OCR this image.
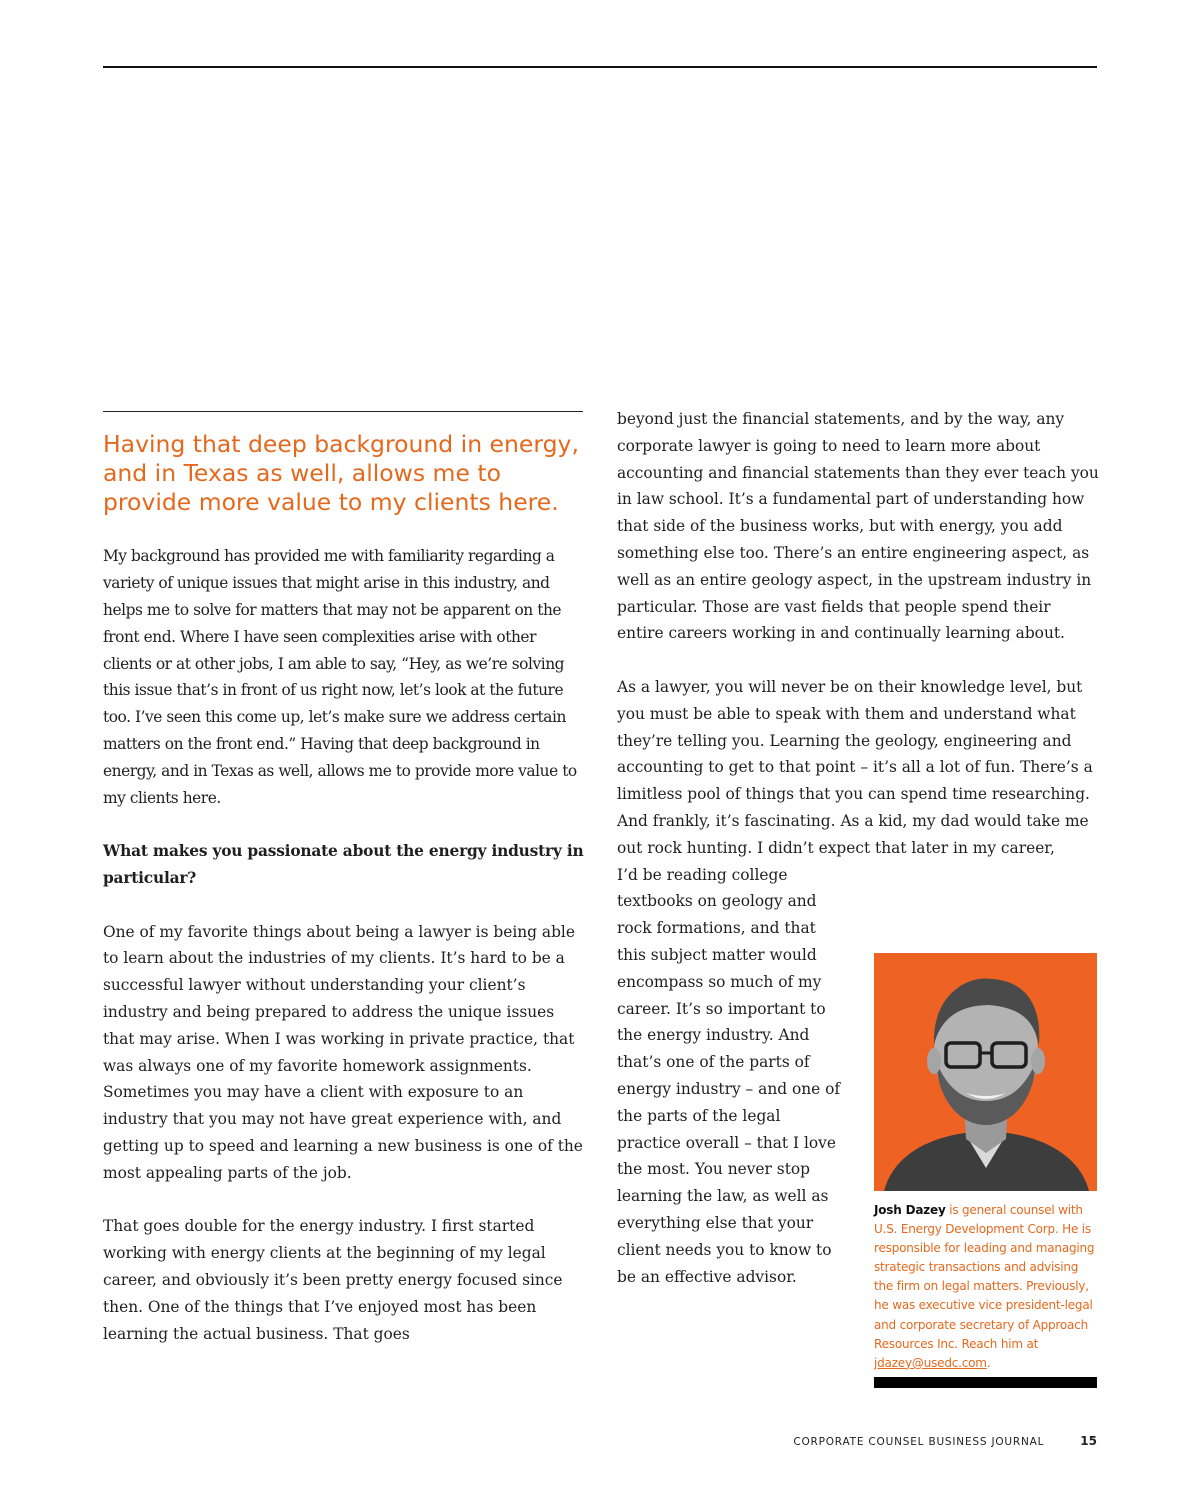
Having that deep background in energy, and in Texas as well, allows me to provide more value to my clients here.

My background has provided me with familiarity regarding a variety of unique issues that might arise in this industry, and helps me to solve for matters that may not be apparent on the front end. Where I have seen complexities arise with other clients or at other jobs, I am able to say, “Hey, as we’re solving this issue that’s in front of us right now, let’s look at the future too. I’ve seen this come up, let’s make sure we address certain matters on the front end.” Having that deep background in energy, and in Texas as well, allows me to provide more value to my clients here.

What makes you passionate about the energy industry in particular?

One of my favorite things about being a lawyer is being able to learn about the industries of my clients. It’s hard to be a successful lawyer without understanding your client’s industry and being prepared to address the unique issues that may arise. When I was working in private practice, that was always one of my favorite homework assignments. Sometimes you may have a client with exposure to an industry that you may not have great experience with, and getting up to speed and learning a new business is one of the most appealing parts of the job.

That goes double for the energy industry. I first started working with energy clients at the beginning of my legal career, and obviously it’s been pretty energy focused since then. One of the things that I’ve enjoyed most has been learning the actual business. That goes

beyond just the financial statements, and by the way, any corporate lawyer is going to need to learn more about accounting and financial statements than they ever teach you in law school. It’s a fundamental part of understanding how that side of the business works, but with energy, you add something else too. There’s an entire engineering aspect, as well as an entire geology aspect, in the upstream industry in particular. Those are vast fields that people spend their entire careers working in and continually learning about.

As a lawyer, you will never be on their knowledge level, but you must be able to speak with them and understand what they’re telling you. Learning the geology, engineering and accounting to get to that point – it’s all a lot of fun. There’s a limitless pool of things that you can spend time researching. And frankly, it’s fascinating. As a kid, my dad would take me out rock hunting. I didn’t expect that later in my career,

I’d be reading college textbooks on geology and rock formations, and that this subject matter would encompass so much of my career. It’s so important to the energy industry. And that’s one of the parts of energy industry – and one of the parts of the legal practice overall – that I love the most. You never stop learning the law, as well as everything else that your client needs you to know to be an effective advisor.

Josh Dazey is general counsel with U.S. Energy Development Corp. He is responsible for leading and managing strategic transactions and advising the firm on legal matters. Previously, he was executive vice president-legal and corporate secretary of Approach Resources Inc. Reach him at jdazey@usedc.com.
CORPORATE COUNSEL BUSINESS JOURNAL	15
